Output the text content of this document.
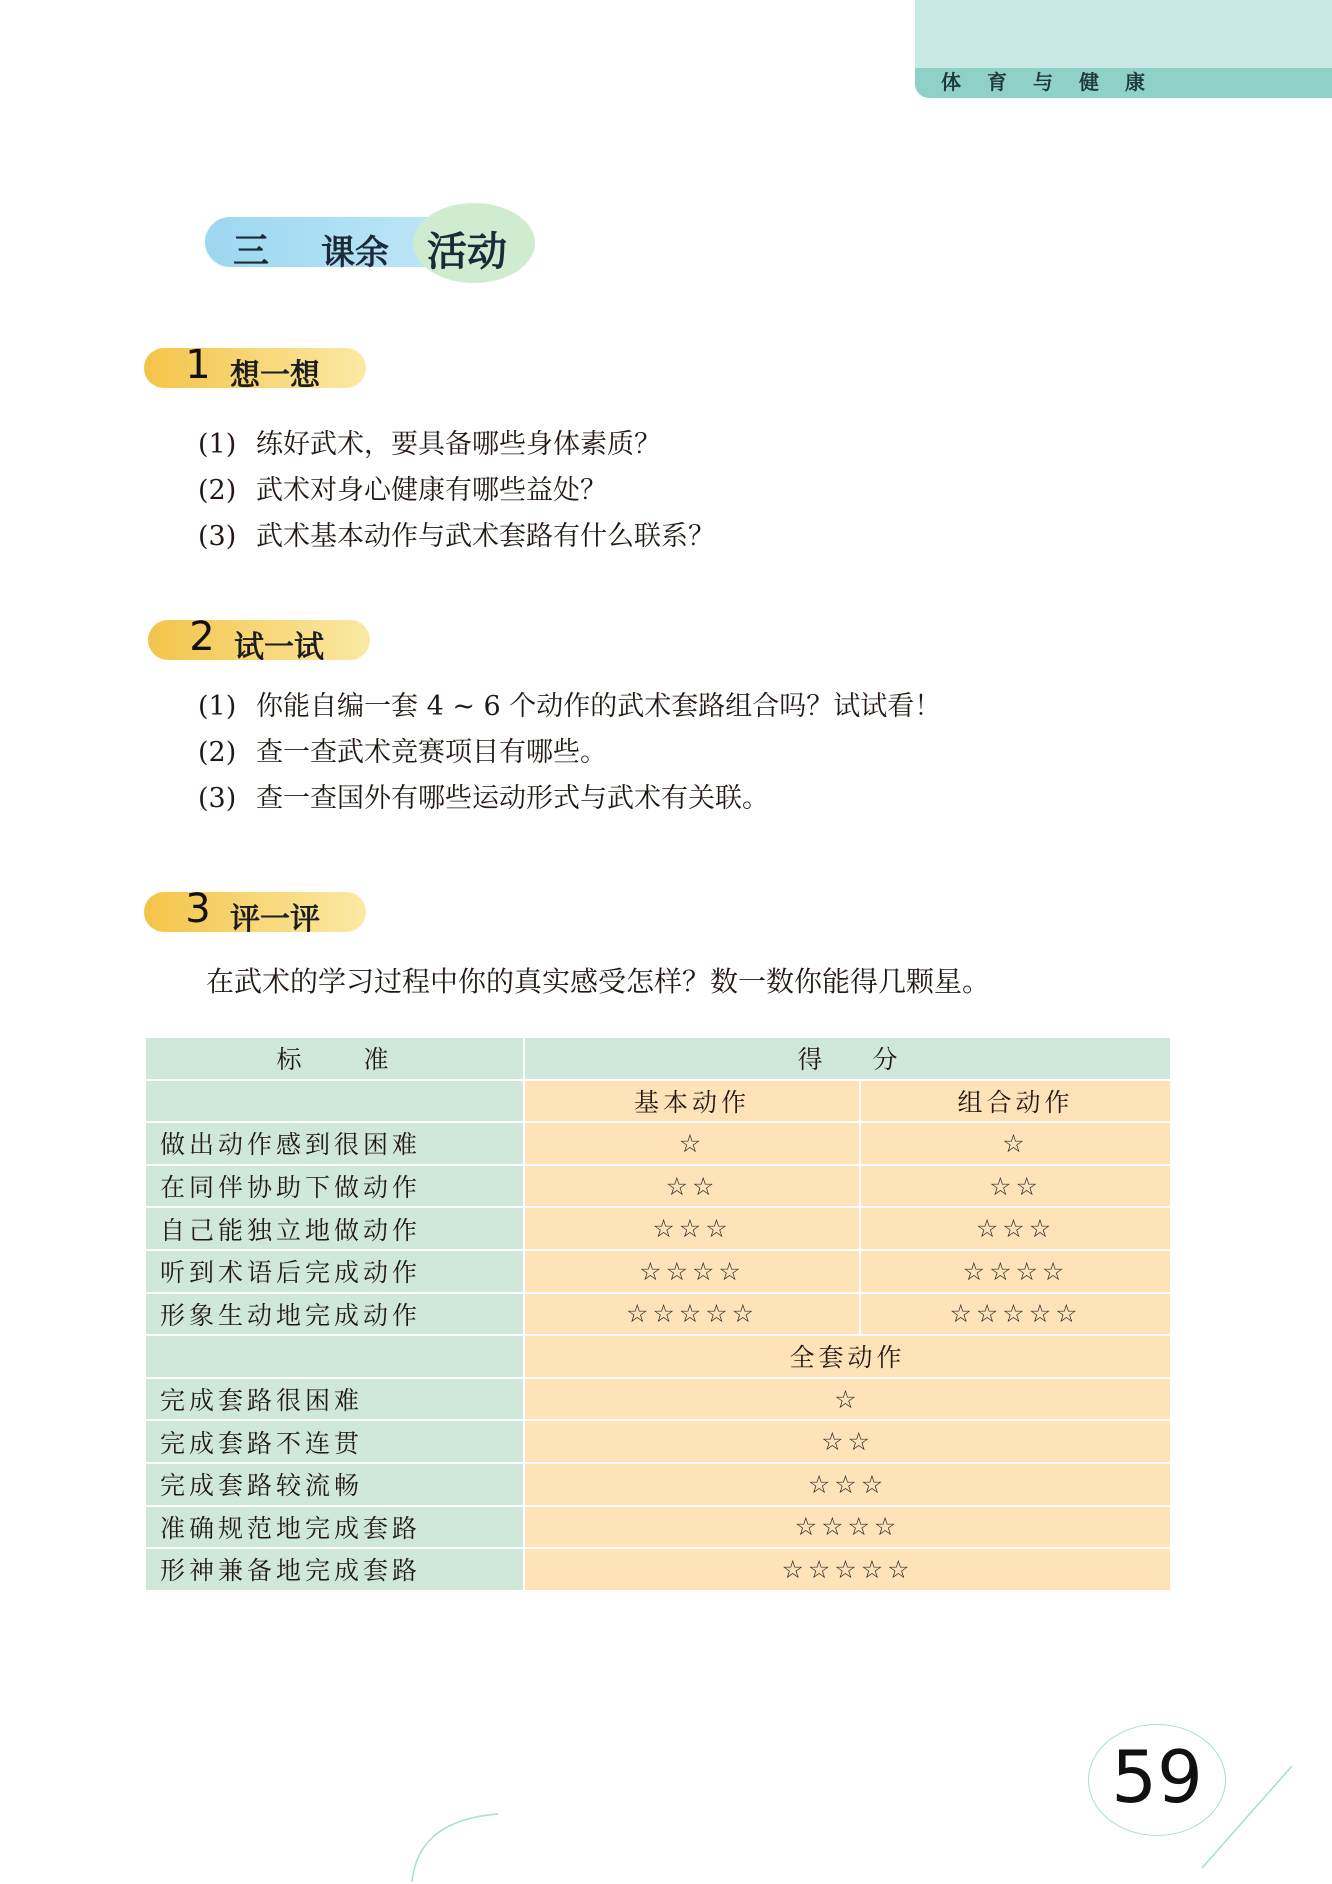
体育与健康
三 课余 活动
1 想一想
(1) 练好武术，要具备哪些身体素质？
(2) 武术对身心健康有哪些益处？
(3) 武术基本动作与武术套路有什么联系？
2 试一试
(1) 你能自编一套 4 ~ 6 个动作的武术套路组合吗？试试看！
(2) 查一查武术竞赛项目有哪些。
(3) 查一查国外有哪些运动形式与武术有关联。
3 评一评
在武术的学习过程中你的真实感受怎样？数一数你能得几颗星。
标　　准	得　　分	
	基本动作	组合动作
做出动作感到很困难	☆	☆
在同伴协助下做动作	☆☆	☆☆
自己能独立地做动作	☆☆☆	☆☆☆
听到术语后完成动作	☆☆☆☆	☆☆☆☆
形象生动地完成动作	☆☆☆☆☆	☆☆☆☆☆
	全套动作	
完成套路很困难	☆	
完成套路不连贯	☆☆	
完成套路较流畅	☆☆☆	
准确规范地完成套路	☆☆☆☆	
形神兼备地完成套路	☆☆☆☆☆	
59
